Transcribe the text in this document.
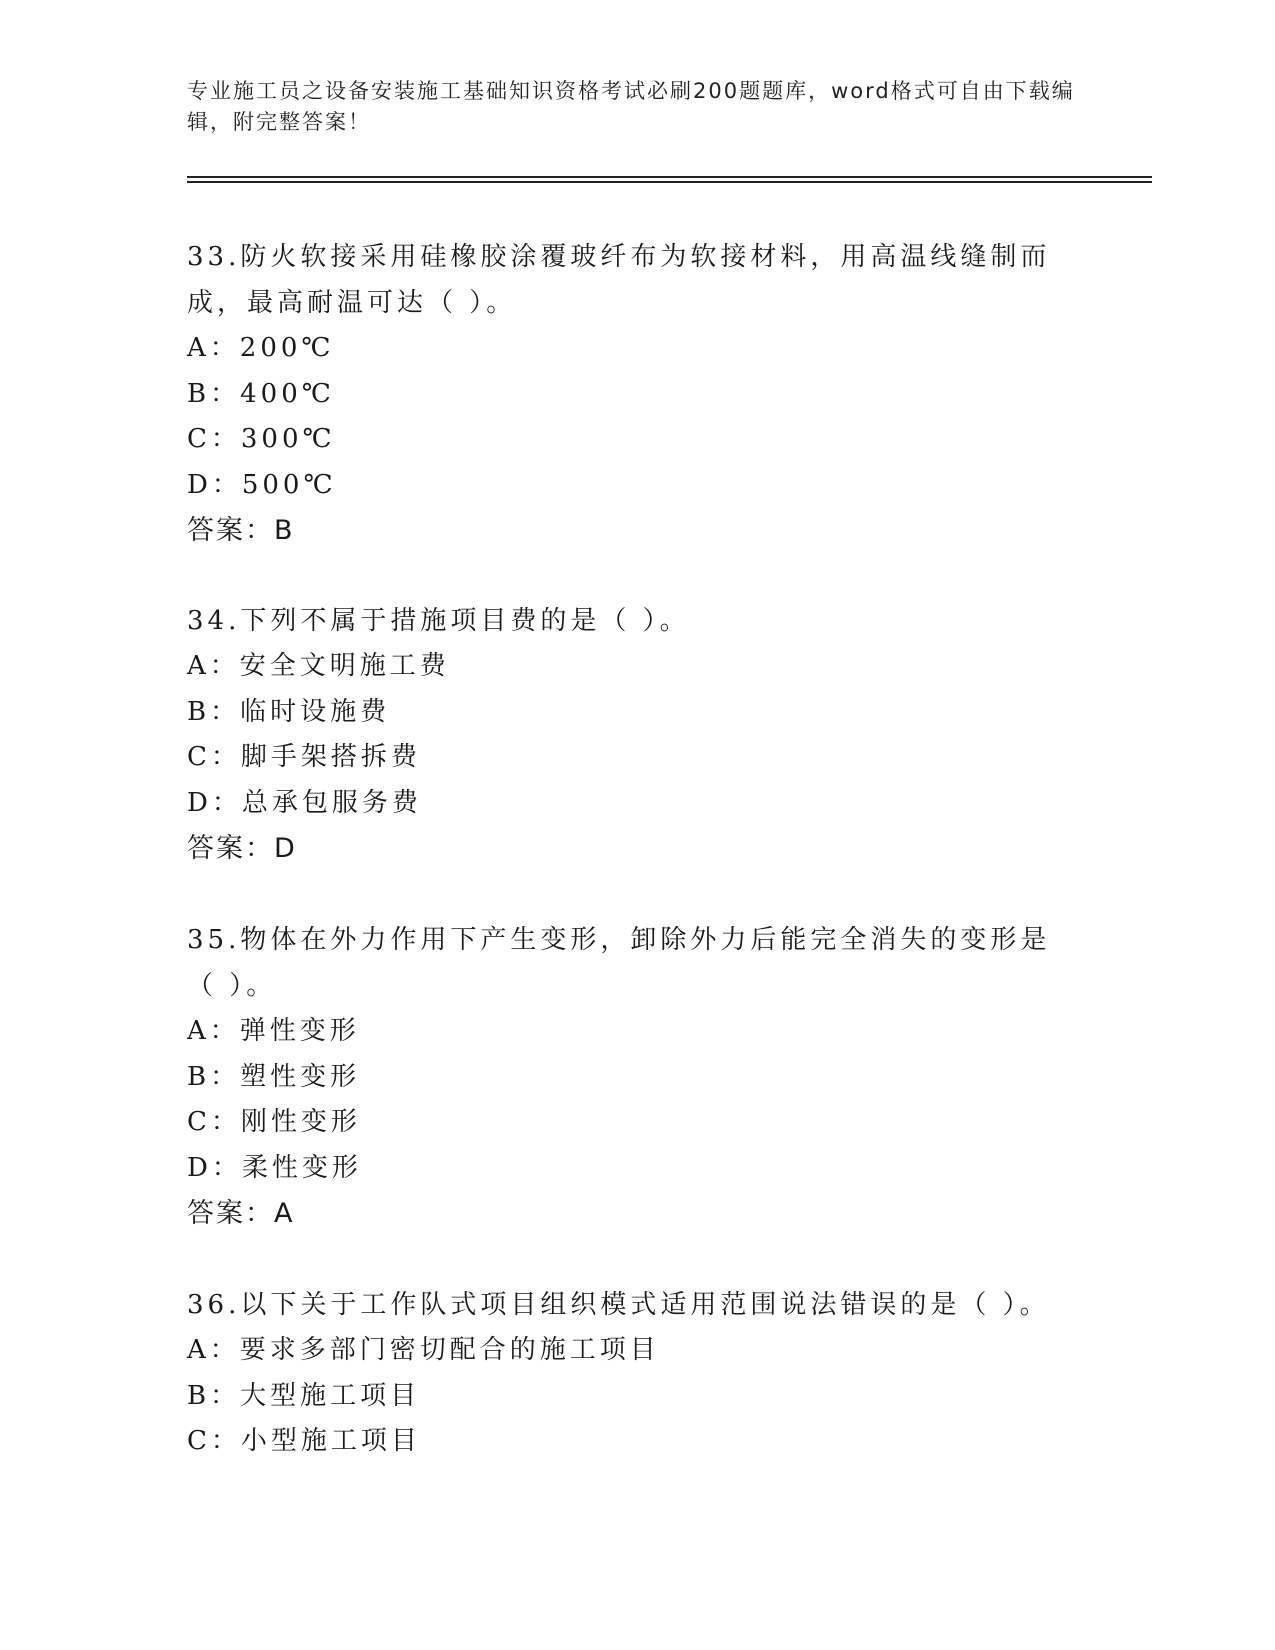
专业施工员之设备安装施工基础知识资格考试必刷200题题库，word格式可自由下载编辑，附完整答案！

33.防火软接采用硅橡胶涂覆玻纤布为软接材料，用高温线缝制而成，最高耐温可达（ ）。

A：200℃

B：400℃

C：300℃

D：500℃

答案：B

34.下列不属于措施项目费的是（ ）。

A：安全文明施工费

B：临时设施费

C：脚手架搭拆费

D：总承包服务费

答案：D

35.物体在外力作用下产生变形，卸除外力后能完全消失的变形是（ ）。

A：弹性变形

B：塑性变形

C：刚性变形

D：柔性变形

答案：A

36.以下关于工作队式项目组织模式适用范围说法错误的是（ ）。

A：要求多部门密切配合的施工项目

B：大型施工项目

C：小型施工项目
